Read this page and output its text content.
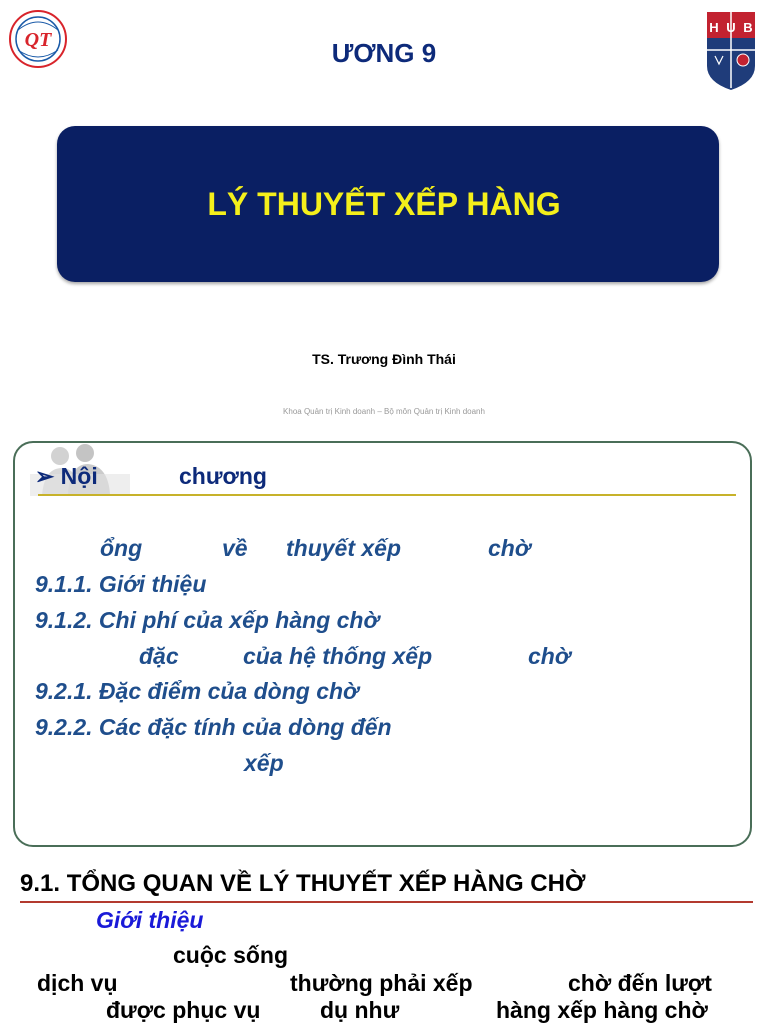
QT
H U B
ƯƠNG 9
LÝ THUYẾT XẾP HÀNG
TS. Trương Đình Thái
Khoa Quản trị Kinh doanh – Bộ môn Quản trị Kinh doanh
➢ Nội	chương
ổng	về thuyết xếp	chờ
9.1.1. Giới thiệu
9.1.2. Chi phí của xếp hàng chờ
đặc	của hệ thống xếp	chờ
9.2.1. Đặc điểm của dòng chờ
9.2.2. Các đặc tính của dòng đến
xếp
9.1. TỔNG QUAN VỀ LÝ THUYẾT XẾP HÀNG CHỜ
Giới thiệu
cuộc sống
dịch vụ	thường phải xếp	chờ đến lượt
được phục vụ	dụ như	hàng xếp hàng chờ
